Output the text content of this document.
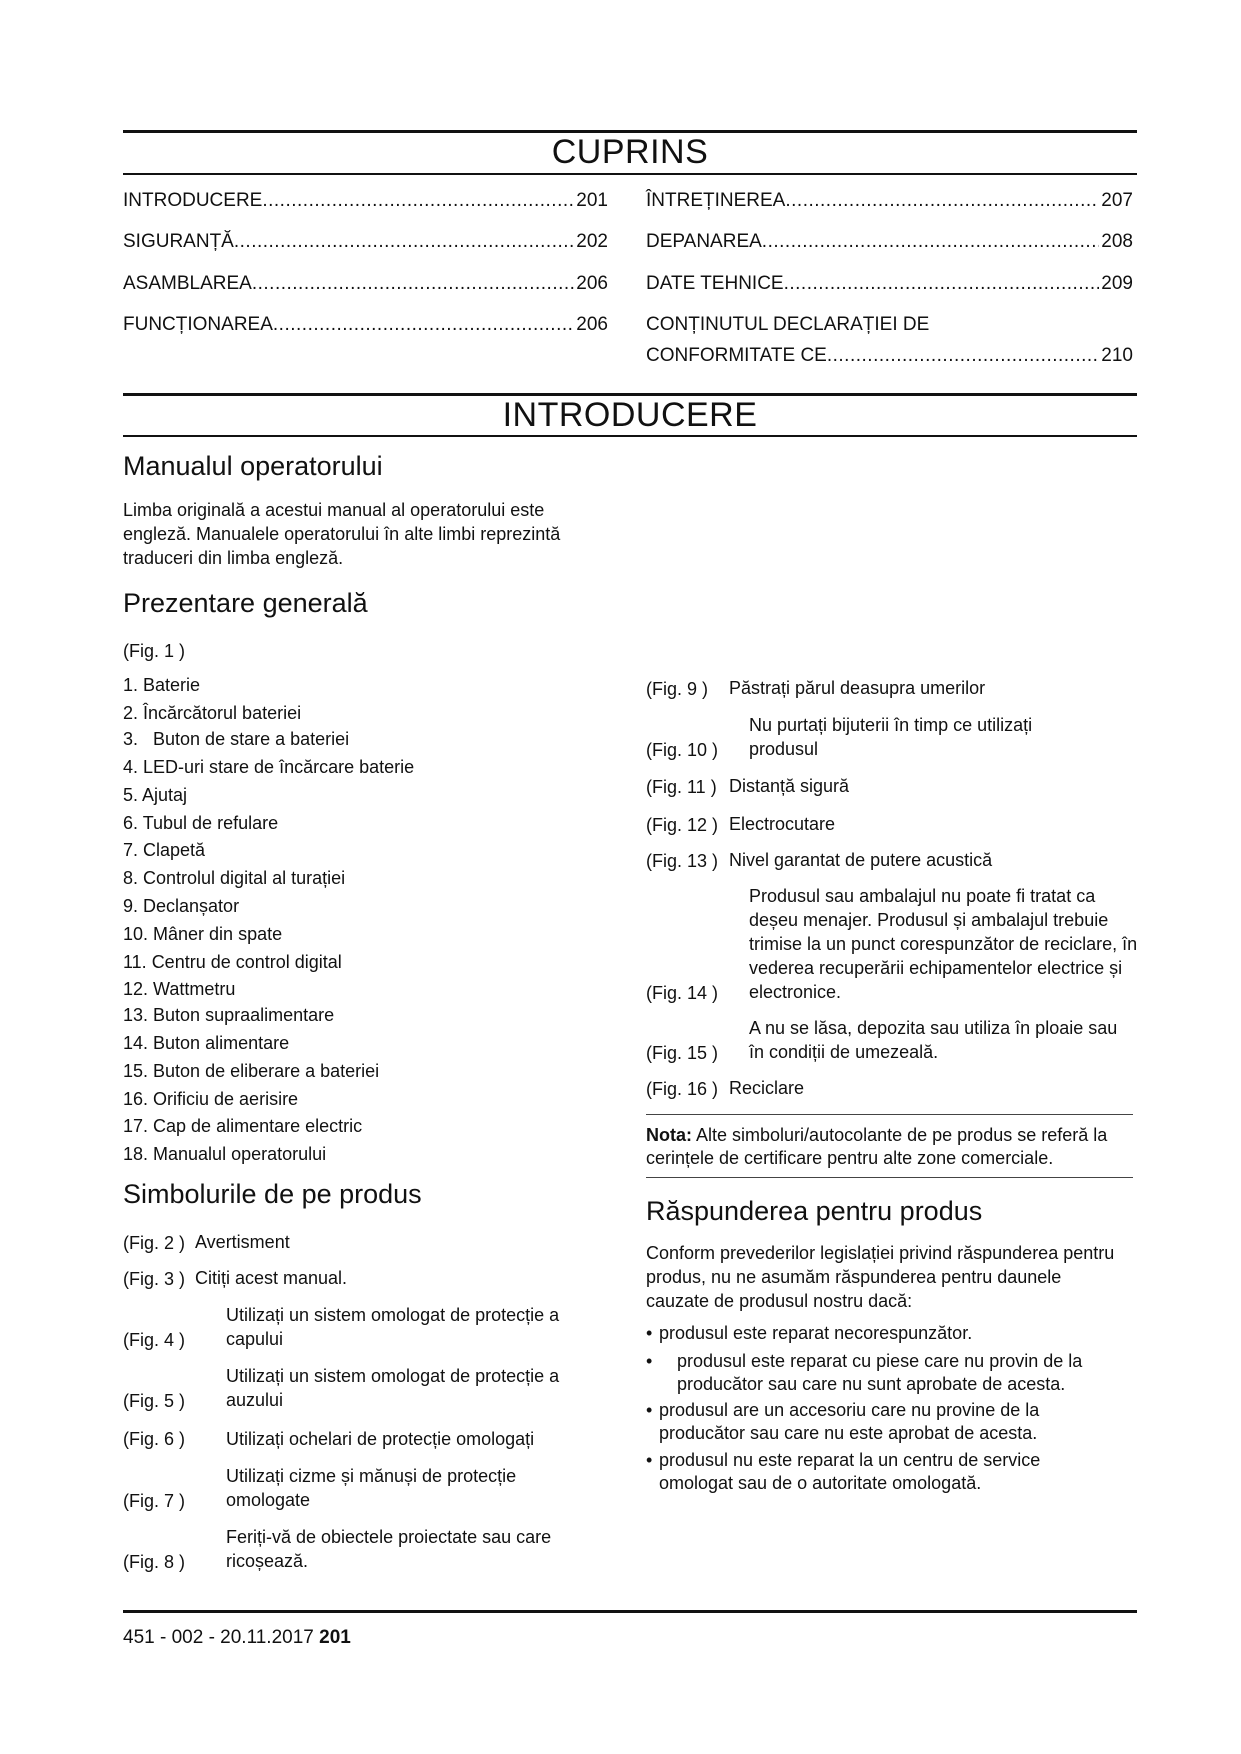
CUPRINS
INTRODUCERE .....	201
SIGURANȚĂ .....	202
ASAMBLAREA .....	206
FUNCȚIONAREA .....	206
ÎNTREȚINEREA .....	207
DEPANAREA .....	208
DATE TEHNICE .....	209
CONȚINUTUL DECLARAȚIEI DE
CONFORMITATE CE .....	210
INTRODUCERE
Manualul operatorului
Limba originală a acestui manual al operatorului este engleză. Manualele operatorului în alte limbi reprezintă traduceri din limba engleză.
Prezentare generală
(Fig. 1 )
1. Baterie
2. Încărcătorul bateriei
3.   Buton de stare a bateriei
4. LED-uri stare de încărcare baterie
5. Ajutaj
6. Tubul de refulare
7. Clapetă
8. Controlul digital al turației
9. Declanșator
10. Mâner din spate
11. Centru de control digital
12. Wattmetru
13. Buton supraalimentare
14. Buton alimentare
15. Buton de eliberare a bateriei
16. Orificiu de aerisire
17. Cap de alimentare electric
18. Manualul operatorului
Simbolurile de pe produs
(Fig. 2 ) Avertisment
(Fig. 3 ) Citiți acest manual.
(Fig. 4 )
Utilizați un sistem omologat de protecție a capului
(Fig. 5 )
Utilizați un sistem omologat de protecție a auzului
(Fig. 6 ) Utilizați ochelari de protecție omologați
(Fig. 7 )
Utilizați cizme și mănuși de protecție omologate
(Fig. 8 )
Feriți-vă de obiectele proiectate sau care ricoșează.
(Fig. 9 ) Păstrați părul deasupra umerilor
(Fig. 10 )
Nu purtați bijuterii în timp ce utilizați produsul
(Fig. 11 ) Distanță sigură
(Fig. 12 ) Electrocutare
(Fig. 13 ) Nivel garantat de putere acustică
(Fig. 14 )
Produsul sau ambalajul nu poate fi tratat ca deșeu menajer. Produsul și ambalajul trebuie trimise la un punct corespunzător de reciclare, în vederea recuperării echipamentelor electrice și electronice.
(Fig. 15 )
A nu se lăsa, depozita sau utiliza în ploaie sau în condiții de umezeală.
(Fig. 16 ) Reciclare
Nota: Alte simboluri/autocolante de pe produs se referă la cerințele de certificare pentru alte zone comerciale.
Răspunderea pentru produs
Conform prevederilor legislației privind răspunderea pentru produs, nu ne asumăm răspunderea pentru daunele cauzate de produsul nostru dacă:
• produsul este reparat necorespunzător.
• produsul este reparat cu piese care nu provin de la producător sau care nu sunt aprobate de acesta.
• produsul are un accesoriu care nu provine de la producător sau care nu este aprobat de acesta.
• produsul nu este reparat la un centru de service omologat sau de o autoritate omologată.
451 - 002 - 20.11.2017 201
